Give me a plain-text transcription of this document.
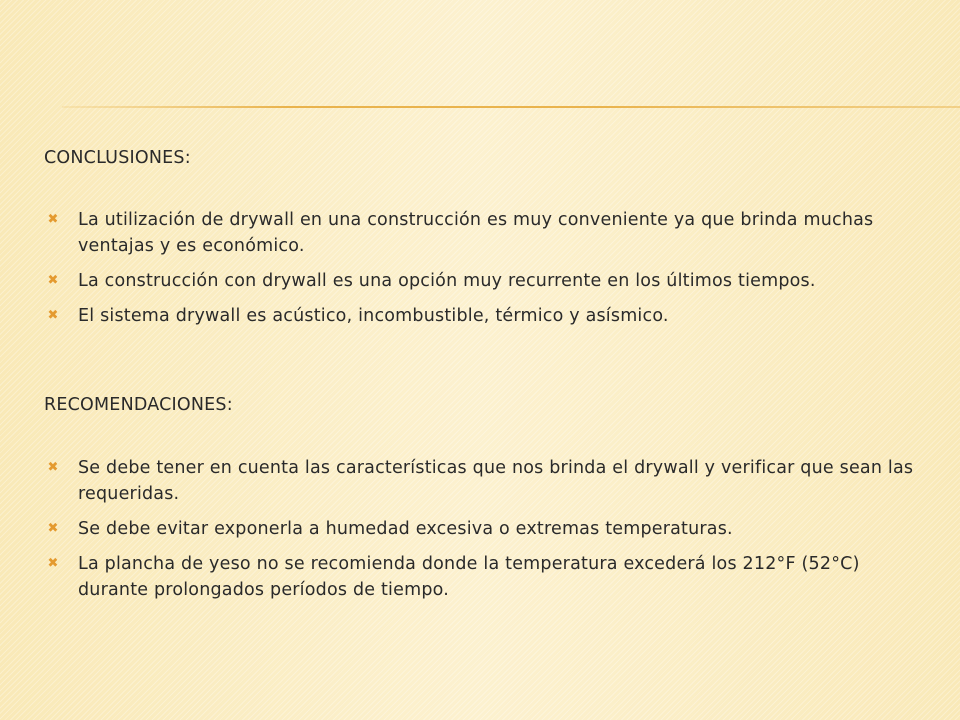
CONCLUSIONES:
✖ La utilización de drywall en una construcción es muy conveniente ya que brinda muchas ventajas y es económico.
✖ La construcción con drywall es una opción muy recurrente en los últimos tiempos.
✖ El sistema drywall es acústico, incombustible, térmico y asísmico.
RECOMENDACIONES:
✖ Se debe tener en cuenta las características que nos brinda el drywall y verificar que sean las requeridas.
✖ Se debe evitar exponerla a humedad excesiva o extremas temperaturas.
✖ La plancha de yeso no se recomienda donde la temperatura excederá los 212°F (52°C) durante prolongados períodos de tiempo.
